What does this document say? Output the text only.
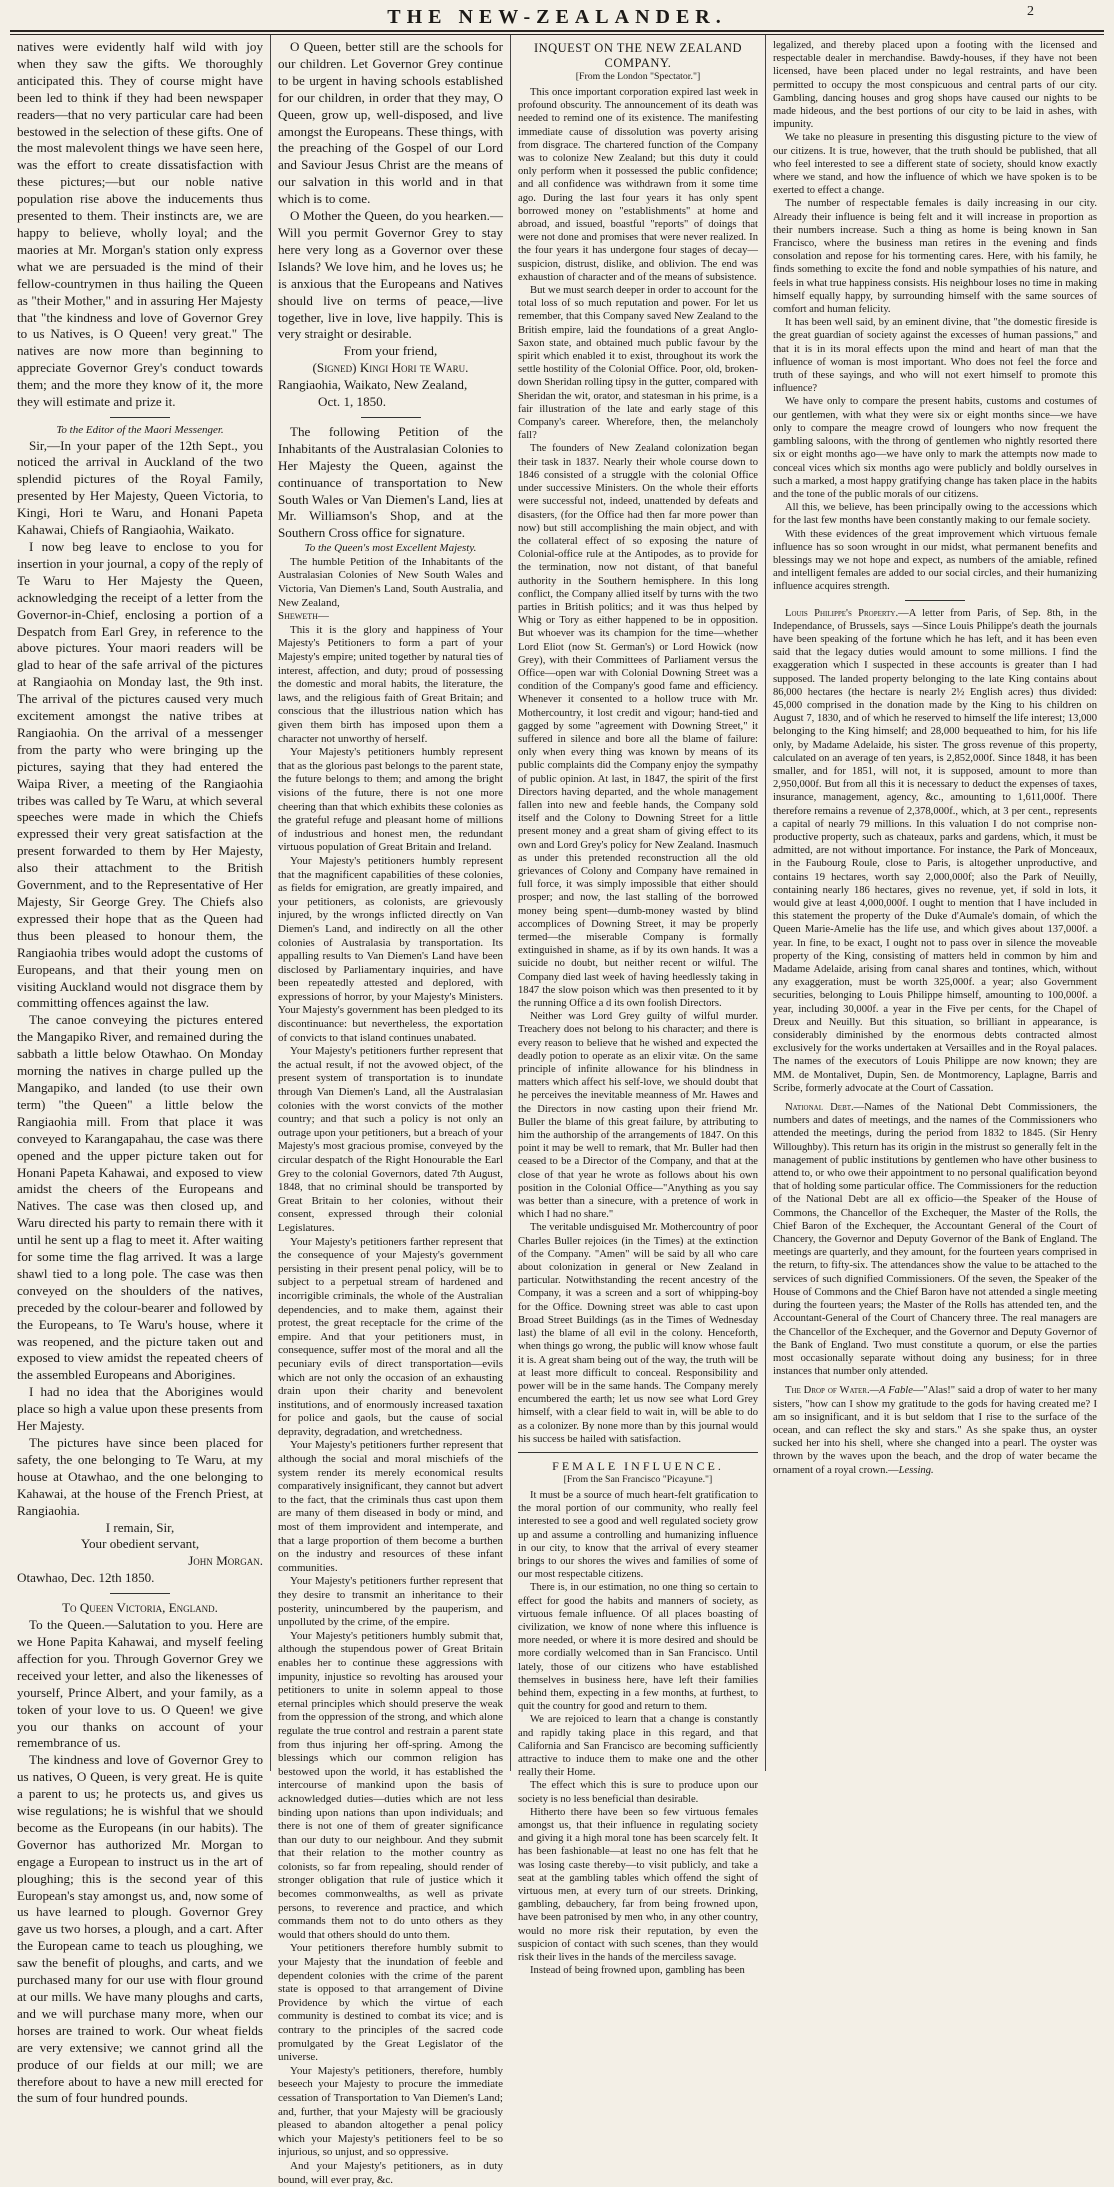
THE NEW-ZEALANDER.	2

natives were evidently half wild with joy when they saw the gifts. We thoroughly anticipated this. They of course might have been led to think if they had been newspaper readers—that no very particular care had been bestowed in the selection of these gifts. One of the most malevolent things we have seen here, was the effort to create dissatisfaction with these pictures;—but our noble native population rise above the inducements thus presented to them. Their instincts are, we are happy to believe, wholly loyal; and the maories at Mr. Morgan's station only express what we are persuaded is the mind of their fellow-countrymen in thus hailing the Queen as "their Mother," and in assuring Her Majesty that "the kindness and love of Governor Grey to us Natives, is O Queen! very great." The natives are now more than beginning to appreciate Governor Grey's conduct towards them; and the more they know of it, the more they will estimate and prize it.

To the Editor of the Maori Messenger.

Sir,—In your paper of the 12th Sept., you noticed the arrival in Auckland of the two splendid pictures of the Royal Family, presented by Her Majesty, Queen Victoria, to Kingi, Hori te Waru, and Honani Papeta Kahawai, Chiefs of Rangiaohia, Waikato.

I now beg leave to enclose to you for insertion in your journal, a copy of the reply of Te Waru to Her Majesty the Queen, acknowledging the receipt of a letter from the Governor-in-Chief, enclosing a portion of a Despatch from Earl Grey, in reference to the above pictures. Your maori readers will be glad to hear of the safe arrival of the pictures at Rangiaohia on Monday last, the 9th inst. The arrival of the pictures caused very much excitement amongst the native tribes at Rangiaohia. On the arrival of a messenger from the party who were bringing up the pictures, saying that they had entered the Waipa River, a meeting of the Rangiaohia tribes was called by Te Waru, at which several speeches were made in which the Chiefs expressed their very great satisfaction at the present forwarded to them by Her Majesty, also their attachment to the British Government, and to the Representative of Her Majesty, Sir George Grey. The Chiefs also expressed their hope that as the Queen had thus been pleased to honour them, the Rangiaohia tribes would adopt the customs of Europeans, and that their young men on visiting Auckland would not disgrace them by committing offences against the law.

The canoe conveying the pictures entered the Mangapiko River, and remained during the sabbath a little below Otawhao. On Monday morning the natives in charge pulled up the Mangapiko, and landed (to use their own term) "the Queen" a little below the Rangiaohia mill. From that place it was conveyed to Karangapahau, the case was there opened and the upper picture taken out for Honani Papeta Kahawai, and exposed to view amidst the cheers of the Europeans and Natives. The case was then closed up, and Waru directed his party to remain there with it until he sent up a flag to meet it. After waiting for some time the flag arrived. It was a large shawl tied to a long pole. The case was then conveyed on the shoulders of the natives, preceded by the colour-bearer and followed by the Europeans, to Te Waru's house, where it was reopened, and the picture taken out and exposed to view amidst the repeated cheers of the assembled Europeans and Aborigines.

I had no idea that the Aborigines would place so high a value upon these presents from Her Majesty.

The pictures have since been placed for safety, the one belonging to Te Waru, at my house at Otawhao, and the one belonging to Kahawai, at the house of the French Priest, at Rangiaohia.

I remain, Sir,

Your obedient servant,

John Morgan.

Otawhao, Dec. 12th 1850.

To Queen Victoria, England.

To the Queen.—Salutation to you. Here are we Hone Papita Kahawai, and myself feeling affection for you. Through Governor Grey we received your letter, and also the likenesses of yourself, Prince Albert, and your family, as a token of your love to us. O Queen! we give you our thanks on account of your remembrance of us.

The kindness and love of Governor Grey to us natives, O Queen, is very great. He is quite a parent to us; he protects us, and gives us wise regulations; he is wishful that we should become as the Europeans (in our habits). The Governor has authorized Mr. Morgan to engage a European to instruct us in the art of ploughing; this is the second year of this European's stay amongst us, and, now some of us have learned to plough. Governor Grey gave us two horses, a plough, and a cart. After the European came to teach us ploughing, we saw the benefit of ploughs, and carts, and we purchased many for our use with flour ground at our mills. We have many ploughs and carts, and we will purchase many more, when our horses are trained to work. Our wheat fields are very extensive; we cannot grind all the produce of our fields at our mill; we are therefore about to have a new mill erected for the sum of four hundred pounds.

O Queen, better still are the schools for our children. Let Governor Grey continue to be urgent in having schools established for our children, in order that they may, O Queen, grow up, well-disposed, and live amongst the Europeans. These things, with the preaching of the Gospel of our Lord and Saviour Jesus Christ are the means of our salvation in this world and in that which is to come.

O Mother the Queen, do you hearken.—Will you permit Governor Grey to stay here very long as a Governor over these Islands? We love him, and he loves us; he is anxious that the Europeans and Natives should live on terms of peace,—live together, live in love, live happily. This is very straight or desirable.

From your friend,

(Signed) Kingi Hori te Waru.

Rangiaohia, Waikato, New Zealand,

Oct. 1, 1850.

The following Petition of the Inhabitants of the Australasian Colonies to Her Majesty the Queen, against the continuance of transportation to New South Wales or Van Diemen's Land, lies at Mr. Williamson's Shop, and at the Southern Cross office for signature.

To the Queen's most Excellent Majesty.

The humble Petition of the Inhabitants of the Australasian Colonies of New South Wales and Victoria, Van Diemen's Land, South Australia, and New Zealand,

Sheweth—

This it is the glory and happiness of Your Majesty's Petitioners to form a part of your Majesty's empire; united together by natural ties of interest, affection, and duty; proud of possessing the domestic and moral habits, the literature, the laws, and the religious faith of Great Britain; and conscious that the illustrious nation which has given them birth has imposed upon them a character not unworthy of herself.

Your Majesty's petitioners humbly represent that as the glorious past belongs to the parent state, the future belongs to them; and among the bright visions of the future, there is not one more cheering than that which exhibits these colonies as the grateful refuge and pleasant home of millions of industrious and honest men, the redundant virtuous population of Great Britain and Ireland.

Your Majesty's petitioners humbly represent that the magnificent capabilities of these colonies, as fields for emigration, are greatly impaired, and your petitioners, as colonists, are grievously injured, by the wrongs inflicted directly on Van Diemen's Land, and indirectly on all the other colonies of Australasia by transportation. Its appalling results to Van Diemen's Land have been disclosed by Parliamentary inquiries, and have been repeatedly attested and deplored, with expressions of horror, by your Majesty's Ministers. Your Majesty's government has been pledged to its discontinuance: but nevertheless, the exportation of convicts to that island continues unabated.

Your Majesty's petitioners further represent that the actual result, if not the avowed object, of the present system of transportation is to inundate through Van Diemen's Land, all the Australasian colonies with the worst convicts of the mother country; and that such a policy is not only an outrage upon your petitioners, but a breach of your Majesty's most gracious promise, conveyed by the circular despatch of the Right Honourable the Earl Grey to the colonial Governors, dated 7th August, 1848, that no criminal should be transported by Great Britain to her colonies, without their consent, expressed through their colonial Legislatures.

Your Majesty's petitioners farther represent that the consequence of your Majesty's government persisting in their present penal policy, will be to subject to a perpetual stream of hardened and incorrigible criminals, the whole of the Australian dependencies, and to make them, against their protest, the great receptacle for the crime of the empire. And that your petitioners must, in consequence, suffer most of the moral and all the pecuniary evils of direct transportation—evils which are not only the occasion of an exhausting drain upon their charity and benevolent institutions, and of enormously increased taxation for police and gaols, but the cause of social depravity, degradation, and wretchedness.

Your Majesty's petitioners further represent that although the social and moral mischiefs of the system render its merely economical results comparatively insignificant, they cannot but advert to the fact, that the criminals thus cast upon them are many of them diseased in body or mind, and most of them improvident and intemperate, and that a large proportion of them become a burthen on the industry and resources of these infant communities.

Your Majesty's petitioners further represent that they desire to transmit an inheritance to their posterity, unincumbered by the pauperism, and unpolluted by the crime, of the empire.

Your Majesty's petitioners humbly submit that, although the stupendous power of Great Britain enables her to continue these aggressions with impunity, injustice so revolting has aroused your petitioners to unite in solemn appeal to those eternal principles which should preserve the weak from the oppression of the strong, and which alone regulate the true control and restrain a parent state from thus injuring her off-spring. Among the blessings which our common religion has bestowed upon the world, it has established the intercourse of mankind upon the basis of acknowledged duties—duties which are not less binding upon nations than upon individuals; and there is not one of them of greater significance than our duty to our neighbour. And they submit that their relation to the mother country as colonists, so far from repealing, should render of stronger obligation that rule of justice which it becomes commonwealths, as well as private persons, to reverence and practice, and which commands them not to do unto others as they would that others should do unto them.

Your petitioners therefore humbly submit to your Majesty that the inundation of feeble and dependent colonies with the crime of the parent state is opposed to that arrangement of Divine Providence by which the virtue of each community is destined to combat its vice; and is contrary to the principles of the sacred code promulgated by the Great Legislator of the universe.

Your Majesty's petitioners, therefore, humbly beseech your Majesty to procure the immediate cessation of Transportation to Van Diemen's Land; and, further, that your Majesty will be graciously pleased to abandon altogether a penal policy which your Majesty's petitioners feel to be so injurious, so unjust, and so oppressive.

And your Majesty's petitioners, as in duty bound, will ever pray, &c.

INQUEST ON THE NEW ZEALAND COMPANY.

[From the London "Spectator."]

This once important corporation expired last week in profound obscurity. The announcement of its death was needed to remind one of its existence. The manifesting immediate cause of dissolution was poverty arising from disgrace. The chartered function of the Company was to colonize New Zealand; but this duty it could only perform when it possessed the public confidence; and all confidence was withdrawn from it some time ago. During the last four years it has only spent borrowed money on "establishments" at home and abroad, and issued, boastful "reports" of doings that were not done and promises that were never realized. In the four years it has undergone four stages of decay—suspicion, distrust, dislike, and oblivion. The end was exhaustion of character and of the means of subsistence.

But we must search deeper in order to account for the total loss of so much reputation and power. For let us remember, that this Company saved New Zealand to the British empire, laid the foundations of a great Anglo-Saxon state, and obtained much public favour by the spirit which enabled it to exist, throughout its work the settle hostility of the Colonial Office. Poor, old, broken-down Sheridan rolling tipsy in the gutter, compared with Sheridan the wit, orator, and statesman in his prime, is a fair illustration of the late and early stage of this Company's career. Wherefore, then, the melancholy fall?

The founders of New Zealand colonization began their task in 1837. Nearly their whole course down to 1846 consisted of a struggle with the colonial Office under successive Ministers. On the whole their efforts were successful not, indeed, unattended by defeats and disasters, (for the Office had then far more power than now) but still accomplishing the main object, and with the collateral effect of so exposing the nature of Colonial-office rule at the Antipodes, as to provide for the termination, now not distant, of that baneful authority in the Southern hemisphere. In this long conflict, the Company allied itself by turns with the two parties in British politics; and it was thus helped by Whig or Tory as either happened to be in opposition. But whoever was its champion for the time—whether Lord Eliot (now St. German's) or Lord Howick (now Grey), with their Committees of Parliament versus the Office—open war with Colonial Downing Street was a condition of the Company's good fame and efficiency. Whenever it consented to a hollow truce with Mr. Mothercountry, it lost credit and vigour; hand-tied and gagged by some "agreement with Downing Street," it suffered in silence and bore all the blame of failure: only when every thing was known by means of its public complaints did the Company enjoy the sympathy of public opinion. At last, in 1847, the spirit of the first Directors having departed, and the whole management fallen into new and feeble hands, the Company sold itself and the Colony to Downing Street for a little present money and a great sham of giving effect to its own and Lord Grey's policy for New Zealand. Inasmuch as under this pretended reconstruction all the old grievances of Colony and Company have remained in full force, it was simply impossible that either should prosper; and now, the last stalling of the borrowed money being spent—dumb-money wasted by blind accomplices of Downing Street, it may be properly termed—the miserable Company is formally extinguished in shame, as if by its own hands. It was a suicide no doubt, but neither recent or wilful. The Company died last week of having heedlessly taking in 1847 the slow poison which was then presented to it by the running Office a d its own foolish Directors.

Neither was Lord Grey guilty of wilful murder. Treachery does not belong to his character; and there is every reason to believe that he wished and expected the deadly potion to operate as an elixir vitæ. On the same principle of infinite allowance for his blindness in matters which affect his self-love, we should doubt that he perceives the inevitable meanness of Mr. Hawes and the Directors in now casting upon their friend Mr. Buller the blame of this great failure, by attributing to him the authorship of the arrangements of 1847. On this point it may be well to remark, that Mr. Buller had then ceased to be a Director of the Company, and that at the close of that year he wrote as follows about his own position in the Colonial Office—"Anything as you say was better than a sinecure, with a pretence of work in which I had no share."

The veritable undisguised Mr. Mothercountry of poor Charles Buller rejoices (in the Times) at the extinction of the Company. "Amen" will be said by all who care about colonization in general or New Zealand in particular. Notwithstanding the recent ancestry of the Company, it was a screen and a sort of whipping-boy for the Office. Downing street was able to cast upon Broad Street Buildings (as in the Times of Wednesday last) the blame of all evil in the colony. Henceforth, when things go wrong, the public will know whose fault it is. A great sham being out of the way, the truth will be at least more difficult to conceal. Responsibility and power will be in the same hands. The Company merely encumbered the earth; let us now see what Lord Grey himself, with a clear field to wait in, will be able to do as a colonizer. By none more than by this journal would his success be hailed with satisfaction.

FEMALE INFLUENCE.

[From the San Francisco "Picayune."]

It must be a source of much heart-felt gratification to the moral portion of our community, who really feel interested to see a good and well regulated society grow up and assume a controlling and humanizing influence in our city, to know that the arrival of every steamer brings to our shores the wives and families of some of our most respectable citizens.

There is, in our estimation, no one thing so certain to effect for good the habits and manners of society, as virtuous female influence. Of all places boasting of civilization, we know of none where this influence is more needed, or where it is more desired and should be more cordially welcomed than in San Francisco. Until lately, those of our citizens who have established themselves in business here, have left their families behind them, expecting in a few months, at furthest, to quit the country for good and return to them.

We are rejoiced to learn that a change is constantly and rapidly taking place in this regard, and that California and San Francisco are becoming sufficiently attractive to induce them to make one and the other really their Home.

The effect which this is sure to produce upon our society is no less beneficial than desirable.

Hitherto there have been so few virtuous females amongst us, that their influence in regulating society and giving it a high moral tone has been scarcely felt. It has been fashionable—at least no one has felt that he was losing caste thereby—to visit publicly, and take a seat at the gambling tables which offend the sight of virtuous men, at every turn of our streets. Drinking, gambling, debauchery, far from being frowned upon, have been patronised by men who, in any other country, would no more risk their reputation, by even the suspicion of contact with such scenes, than they would risk their lives in the hands of the merciless savage.

Instead of being frowned upon, gambling has been

legalized, and thereby placed upon a footing with the licensed and respectable dealer in merchandise. Bawdy-houses, if they have not been licensed, have been placed under no legal restraints, and have been permitted to occupy the most conspicuous and central parts of our city. Gambling, dancing houses and grog shops have caused our nights to be made hideous, and the best portions of our city to be laid in ashes, with impunity.

We take no pleasure in presenting this disgusting picture to the view of our citizens. It is true, however, that the truth should be published, that all who feel interested to see a different state of society, should know exactly where we stand, and how the influence of which we have spoken is to be exerted to effect a change.

The number of respectable females is daily increasing in our city. Already their influence is being felt and it will increase in proportion as their numbers increase. Such a thing as home is being known in San Francisco, where the business man retires in the evening and finds consolation and repose for his tormenting cares. Here, with his family, he finds something to excite the fond and noble sympathies of his nature, and feels in what true happiness consists. His neighbour loses no time in making himself equally happy, by surrounding himself with the same sources of comfort and human felicity.

It has been well said, by an eminent divine, that "the domestic fireside is the great guardian of society against the excesses of human passions," and that it is in its moral effects upon the mind and heart of man that the influence of woman is most important. Who does not feel the force and truth of these sayings, and who will not exert himself to promote this influence?

We have only to compare the present habits, customs and costumes of our gentlemen, with what they were six or eight months since—we have only to compare the meagre crowd of loungers who now frequent the gambling saloons, with the throng of gentlemen who nightly resorted there six or eight months ago—we have only to mark the attempts now made to conceal vices which six months ago were publicly and boldly ourselves in such a marked, a most happy gratifying change has taken place in the habits and the tone of the public morals of our citizens.

All this, we believe, has been principally owing to the accessions which for the last few months have been constantly making to our female society.

With these evidences of the great improvement which virtuous female influence has so soon wrought in our midst, what permanent benefits and blessings may we not hope and expect, as numbers of the amiable, refined and intelligent females are added to our social circles, and their humanizing influence acquires strength.

Louis Philippe's Property.—A letter from Paris, of Sep. 8th, in the Independance, of Brussels, says —Since Louis Philippe's death the journals have been speaking of the fortune which he has left, and it has been even said that the legacy duties would amount to some millions. I find the exaggeration which I suspected in these accounts is greater than I had supposed. The landed property belonging to the late King contains about 86,000 hectares (the hectare is nearly 2½ English acres) thus divided: 45,000 comprised in the donation made by the King to his children on August 7, 1830, and of which he reserved to himself the life interest; 13,000 belonging to the King himself; and 28,000 bequeathed to him, for his life only, by Madame Adelaide, his sister. The gross revenue of this property, calculated on an average of ten years, is 2,852,000f. Since 1848, it has been smaller, and for 1851, will not, it is supposed, amount to more than 2,950,000f. But from all this it is necessary to deduct the expenses of taxes, insurance, management, agency, &c., amounting to 1,611,000f. There therefore remains a revenue of 2,378,000f., which, at 3 per cent., represents a capital of nearly 79 millions. In this valuation I do not comprise non-productive property, such as chateaux, parks and gardens, which, it must be admitted, are not without importance. For instance, the Park of Monceaux, in the Faubourg Roule, close to Paris, is altogether unproductive, and contains 19 hectares, worth say 2,000,000f; also the Park of Neuilly, containing nearly 186 hectares, gives no revenue, yet, if sold in lots, it would give at least 4,000,000f. I ought to mention that I have included in this statement the property of the Duke d'Aumale's domain, of which the Queen Marie-Amelie has the life use, and which gives about 137,000f. a year. In fine, to be exact, I ought not to pass over in silence the moveable property of the King, consisting of matters held in common by him and Madame Adelaide, arising from canal shares and tontines, which, without any exaggeration, must be worth 325,000f. a year; also Government securities, belonging to Louis Philippe himself, amounting to 100,000f. a year, including 30,000f. a year in the Five per cents, for the Chapel of Dreux and Neuilly. But this situation, so brilliant in appearance, is considerably diminished by the enormous debts contracted almost exclusively for the works undertaken at Versailles and in the Royal palaces. The names of the executors of Louis Philippe are now known; they are MM. de Montalivet, Dupin, Sen. de Montmorency, Laplagne, Barris and Scribe, formerly advocate at the Court of Cassation.

National Debt.—Names of the National Debt Commissioners, the numbers and dates of meetings, and the names of the Commissioners who attended the meetings, during the period from 1832 to 1845. (Sir Henry Willoughby). This return has its origin in the mistrust so generally felt in the management of public institutions by gentlemen who have other business to attend to, or who owe their appointment to no personal qualification beyond that of holding some particular office. The Commissioners for the reduction of the National Debt are all ex officio—the Speaker of the House of Commons, the Chancellor of the Exchequer, the Master of the Rolls, the Chief Baron of the Exchequer, the Accountant General of the Court of Chancery, the Governor and Deputy Governor of the Bank of England. The meetings are quarterly, and they amount, for the fourteen years comprised in the return, to fifty-six. The attendances show the value to be attached to the services of such dignified Commissioners. Of the seven, the Speaker of the House of Commons and the Chief Baron have not attended a single meeting during the fourteen years; the Master of the Rolls has attended ten, and the Accountant-General of the Court of Chancery three. The real managers are the Chancellor of the Exchequer, and the Governor and Deputy Governor of the Bank of England. Two must constitute a quorum, or else the parties most occasionally separate without doing any business; for in three instances that number only attended.

The Drop of Water.—A Fable—"Alas!" said a drop of water to her many sisters, "how can I show my gratitude to the gods for having created me? I am so insignificant, and it is but seldom that I rise to the surface of the ocean, and can reflect the sky and stars." As she spake thus, an oyster sucked her into his shell, where she changed into a pearl. The oyster was thrown by the waves upon the beach, and the drop of water became the ornament of a royal crown.—Lessing.
